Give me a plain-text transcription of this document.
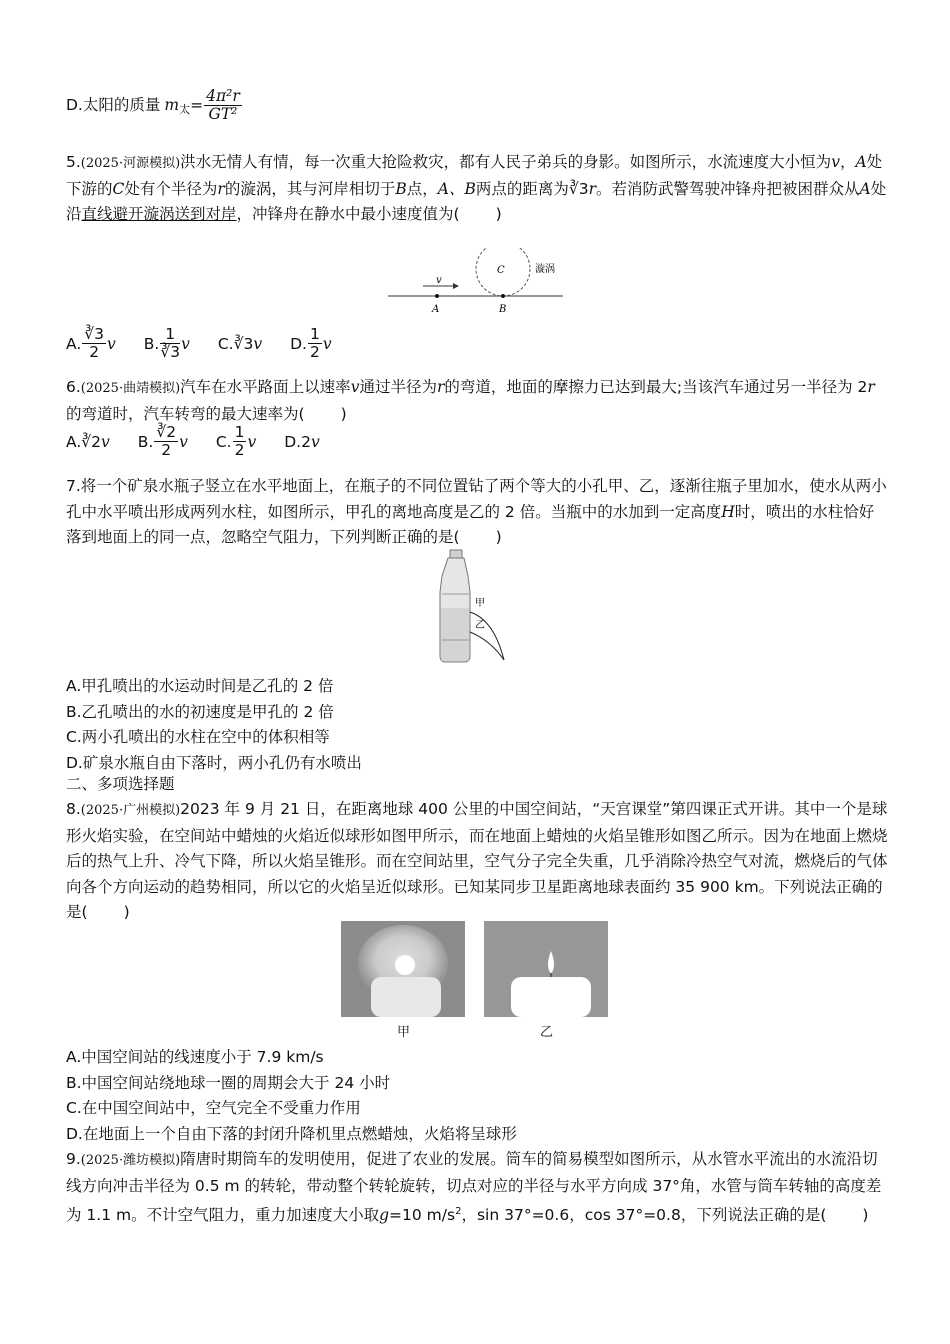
D.太阳的质量 m 太 = $\frac{\text{4π²r}}{\text{GT²}}$
5.(2025·河源模拟)洪水无情人有情，每一次重大抢险救灾，都有人民子弟兵的身影。如图所示，水流速度大小恒为v，A处下游的C处有个半径为r的漩涡，其与河岸相切于B点，A、B两点的距离为∛3r。若消防武警驾驶冲锋舟把被困群众从A处沿直线避开漩涡送到对岸，冲锋舟在静水中最小速度值为( )
v
C	漩涡
A	B
A. $\frac{∛3}{2}$ v B. $\frac{1}{∛3}$ v C. ∛3 v D. $\frac{1}{2}$ v
6.(2025·曲靖模拟)汽车在水平路面上以速率v通过半径为r的弯道，地面的摩擦力已达到最大;当该汽车通过另一半径为 2r的弯道时，汽车转弯的最大速率为( )
A. ∛2 v B. $\frac{∛2}{2}$ v C. $\frac{1}{2}$ v D. 2 v
7.将一个矿泉水瓶子竖立在水平地面上，在瓶子的不同位置钻了两个等大的小孔甲、乙，逐渐往瓶子里加水，使水从两小孔中水平喷出形成两列水柱，如图所示，甲孔的离地高度是乙的 2 倍。当瓶中的水加到一定高度H时，喷出的水柱恰好落到地面上的同一点，忽略空气阻力，下列判断正确的是( )
甲
乙
A.甲孔喷出的水运动时间是乙孔的 2 倍
B.乙孔喷出的水的初速度是甲孔的 2 倍
C.两小孔喷出的水柱在空中的体积相等
D.矿泉水瓶自由下落时，两小孔仍有水喷出
二、多项选择题
8.(2025·广州模拟)2023 年 9 月 21 日，在距离地球 400 公里的中国空间站，“天宫课堂”第四课正式开讲。其中一个是球形火焰实验，在空间站中蜡烛的火焰近似球形如图甲所示，而在地面上蜡烛的火焰呈锥形如图乙所示。因为在地面上燃烧后的热气上升、冷气下降，所以火焰呈锥形。而在空间站里，空气分子完全失重，几乎消除冷热空气对流，燃烧后的气体向各个方向运动的趋势相同，所以它的火焰呈近似球形。已知某同步卫星距离地球表面约 35 900 km。下列说法正确的是( )
甲	乙
A.中国空间站的线速度小于 7.9 km/s
B.中国空间站绕地球一圈的周期会大于 24 小时
C.在中国空间站中，空气完全不受重力作用
D.在地面上一个自由下落的封闭升降机里点燃蜡烛，火焰将呈球形
9.(2025·潍坊模拟)隋唐时期筒车的发明使用，促进了农业的发展。筒车的简易模型如图所示，从水管水平流出的水流沿切线方向冲击半径为 0.5 m 的转轮，带动整个转轮旋转，切点对应的半径与水平方向成 37°角，水管与筒车转轴的高度差为 1.1 m。不计空气阻力，重力加速度大小取g=10 $m/s^2$，sin 37°=0.6，cos 37°=0.8，下列说法正确的是( )
